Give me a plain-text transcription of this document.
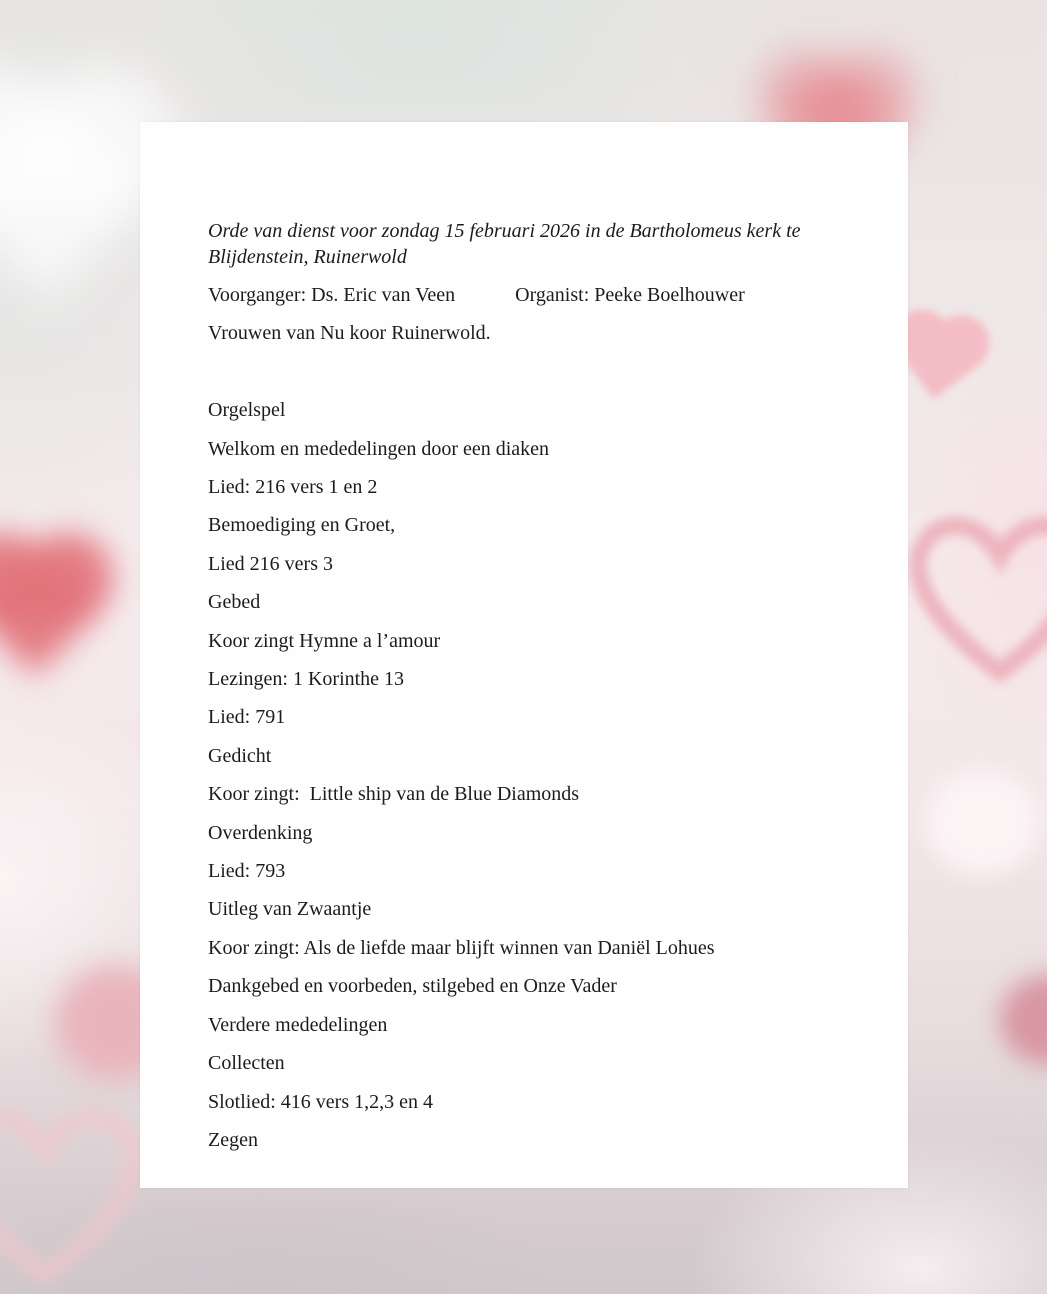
Orde van dienst voor zondag 15 februari 2026 in de Bartholomeus kerk te Blijdenstein, Ruinerwold

Voorganger: Ds. Eric van Veen	Organist: Peeke Boelhouwer

Vrouwen van Nu koor Ruinerwold.

Orgelspel

Welkom en mededelingen door een diaken

Lied: 216 vers 1 en 2

Bemoediging en Groet,

Lied 216 vers 3

Gebed

Koor zingt Hymne a l’amour

Lezingen: 1 Korinthe 13

Lied: 791

Gedicht

Koor zingt:  Little ship van de Blue Diamonds

Overdenking

Lied: 793

Uitleg van Zwaantje

Koor zingt: Als de liefde maar blijft winnen van Daniël Lohues

Dankgebed en voorbeden, stilgebed en Onze Vader

Verdere mededelingen

Collecten

Slotlied: 416 vers 1,2,3 en 4

Zegen
